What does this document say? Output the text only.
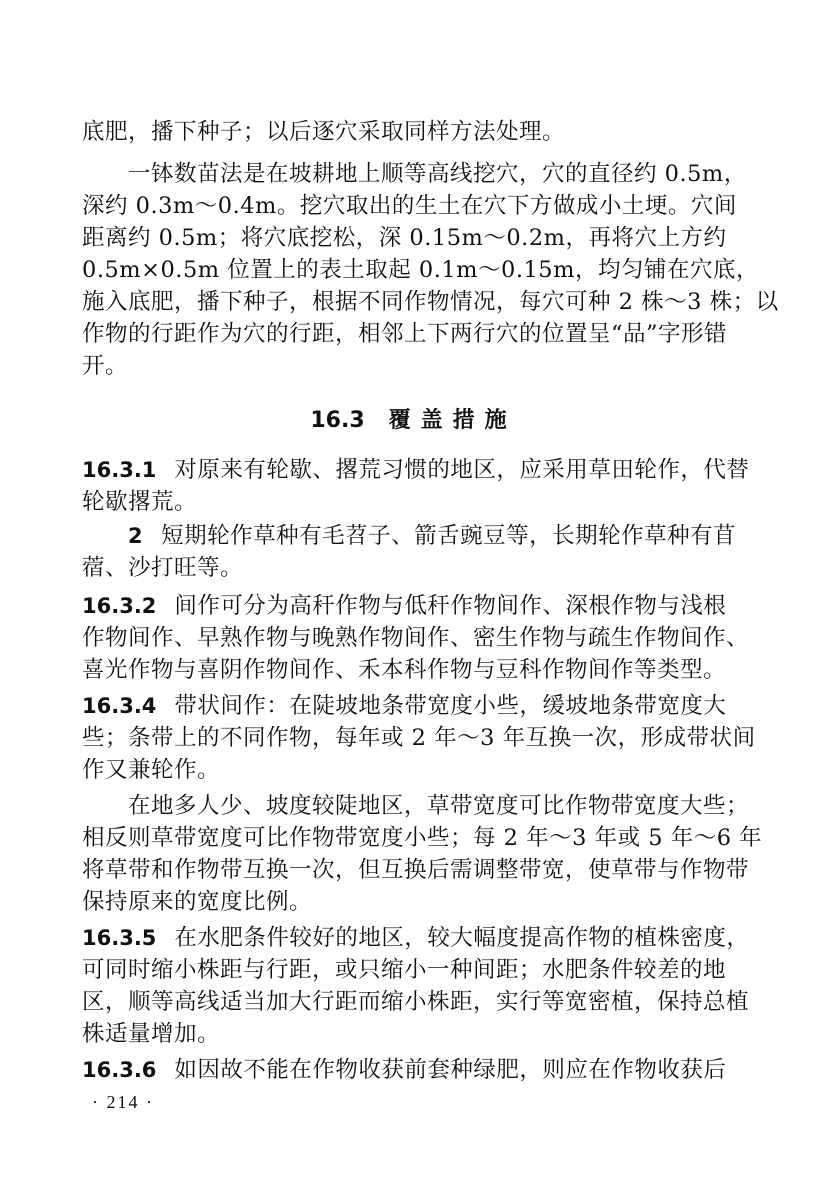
底肥，播下种子；以后逐穴采取同样方法处理。
一钵数苗法是在坡耕地上顺等高线挖穴，穴的直径约 0.5m，
深约 0.3m～0.4m。挖穴取出的生土在穴下方做成小土埂。穴间
距离约 0.5m；将穴底挖松，深 0.15m～0.2m，再将穴上方约
0.5m×0.5m 位置上的表土取起 0.1m～0.15m，均匀铺在穴底，
施入底肥，播下种子，根据不同作物情况，每穴可种 2 株～3 株；以
作物的行距作为穴的行距，相邻上下两行穴的位置呈“品”字形错
开。
16.3 覆盖措施
16.3.1 对原来有轮歇、撂荒习惯的地区，应采用草田轮作，代替
轮歇撂荒。
2 短期轮作草种有毛苕子、箭舌豌豆等，长期轮作草种有苜
蓿、沙打旺等。
16.3.2 间作可分为高秆作物与低秆作物间作、深根作物与浅根
作物间作、早熟作物与晚熟作物间作、密生作物与疏生作物间作、
喜光作物与喜阴作物间作、禾本科作物与豆科作物间作等类型。
16.3.4 带状间作：在陡坡地条带宽度小些，缓坡地条带宽度大
些；条带上的不同作物，每年或 2 年～3 年互换一次，形成带状间
作又兼轮作。
在地多人少、坡度较陡地区，草带宽度可比作物带宽度大些；
相反则草带宽度可比作物带宽度小些；每 2 年～3 年或 5 年～6 年
将草带和作物带互换一次，但互换后需调整带宽，使草带与作物带
保持原来的宽度比例。
16.3.5 在水肥条件较好的地区，较大幅度提高作物的植株密度，
可同时缩小株距与行距，或只缩小一种间距；水肥条件较差的地
区，顺等高线适当加大行距而缩小株距，实行等宽密植，保持总植
株适量增加。
16.3.6 如因故不能在作物收获前套种绿肥，则应在作物收获后
· 214 ·
